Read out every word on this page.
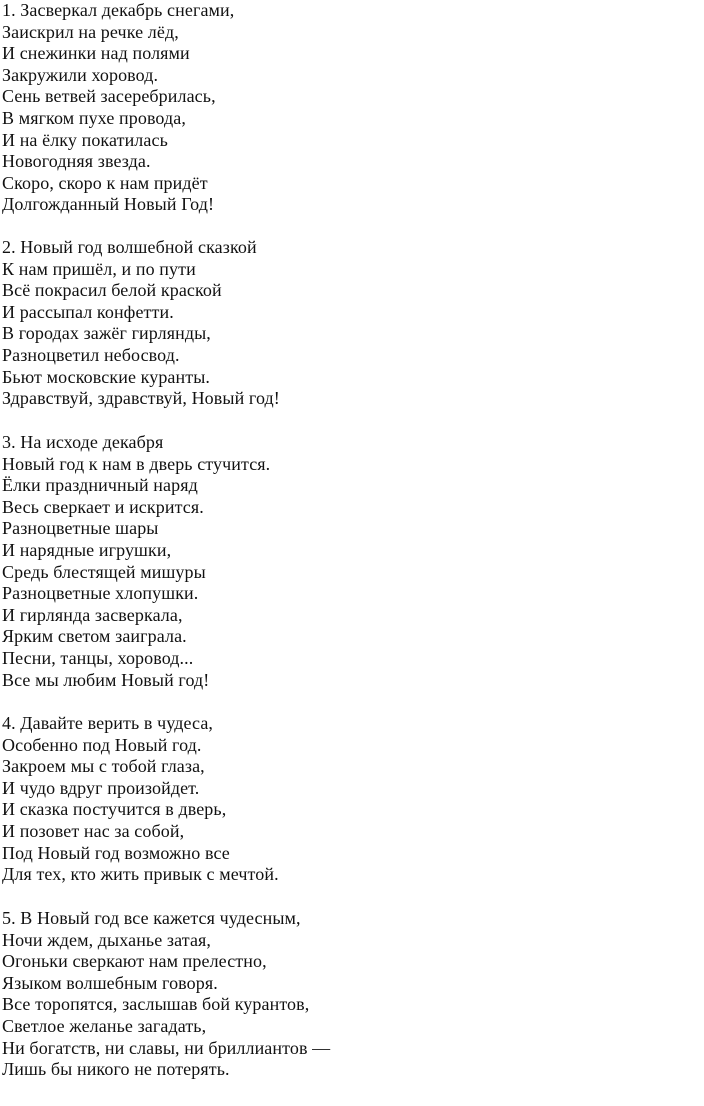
1. Засверкал декабрь снегами,
Заискрил на речке лёд,
И снежинки над полями
Закружили хоровод.
Сень ветвей засеребрилась,
В мягком пухе провода,
И на ёлку покатилась
Новогодняя звезда.
Скоро, скоро к нам придёт
Долгожданный Новый Год!
2. Новый год волшебной сказкой
К нам пришёл, и по пути
Всё покрасил белой краской
И рассыпал конфетти.
В городах зажёг гирлянды,
Разноцветил небосвод.
Бьют московские куранты.
Здравствуй, здравствуй, Новый год!
3. На исходе декабря
Новый год к нам в дверь стучится.
Ёлки праздничный наряд
Весь сверкает и искрится.
Разноцветные шары
И нарядные игрушки,
Средь блестящей мишуры
Разноцветные хлопушки.
И гирлянда засверкала,
Ярким светом заиграла.
Песни, танцы, хоровод...
Все мы любим Новый год!
4. Давайте верить в чудеса,
Особенно под Новый год.
Закроем мы с тобой глаза,
И чудо вдруг произойдет.
И сказка постучится в дверь,
И позовет нас за собой,
Под Новый год возможно все
Для тех, кто жить привык с мечтой.
5. В Новый год все кажется чудесным,
Ночи ждем, дыханье затая,
Огоньки сверкают нам прелестно,
Языком волшебным говоря.
Все торопятся, заслышав бой курантов,
Светлое желанье загадать,
Ни богатств, ни славы, ни бриллиантов —
Лишь бы никого не потерять.
